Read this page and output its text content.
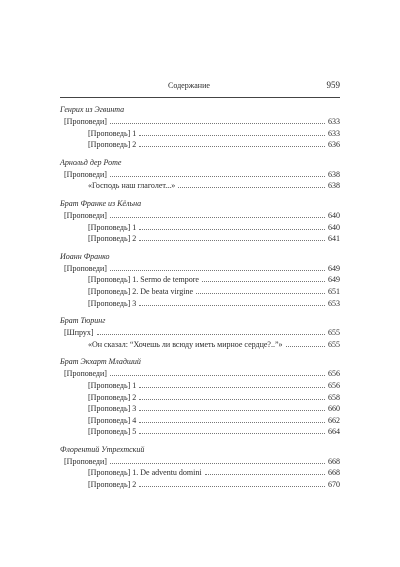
Содержание	959
Генрих из Эгвинта
[Проповеди]	633
[Проповедь] 1	633
[Проповедь] 2	636
Арнольд дер Роте
[Проповеди]	638
«Господь наш глаголет...»	638
Брат Франке из Кёльна
[Проповеди]	640
[Проповедь] 1	640
[Проповедь] 2	641
Иоанн Франко
[Проповеди]	649
[Проповедь] 1. Sermo de tempore	649
[Проповедь] 2. De beata virgine	651
[Проповедь] 3	653
Брат Тюринг
[Шпрух]	655
«Он сказал: “Хочешь ли всюду иметь мирное сердце?..”»	655
Брат Экхарт Младший
[Проповеди]	656
[Проповедь] 1	656
[Проповедь] 2	658
[Проповедь] 3	660
[Проповедь] 4	662
[Проповедь] 5	664
Флорентий Утрехтский
[Проповеди]	668
[Проповедь] 1. De adventu domini	668
[Проповедь] 2	670
